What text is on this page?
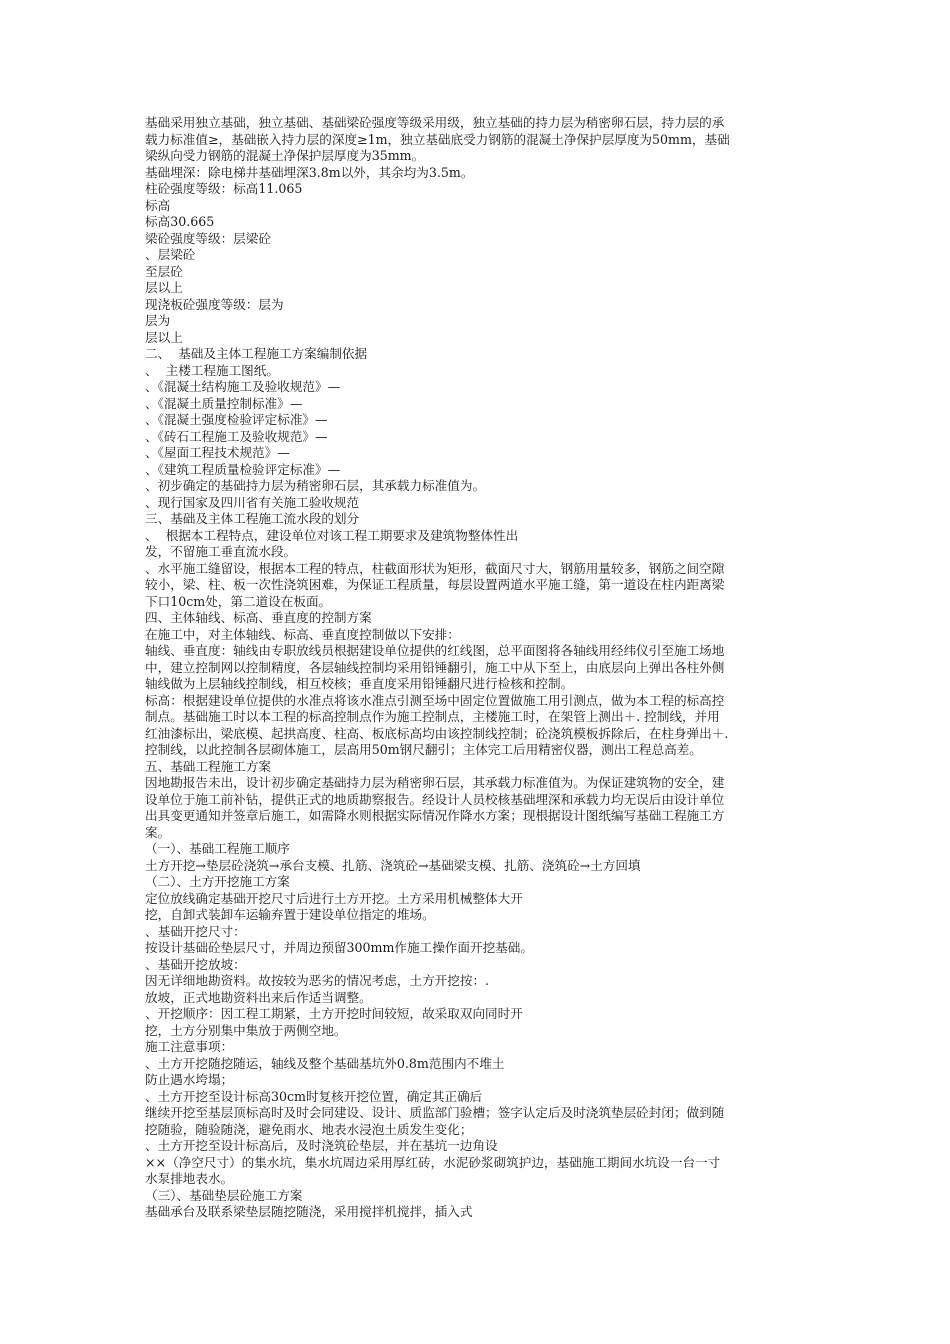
基础采用独立基础，独立基础、基础梁砼强度等级采用级，独立基础的持力层为稍密卵石层，持力层的承
载力标准值≥，基础嵌入持力层的深度≥1m，独立基础底受力钢筋的混凝土净保护层厚度为50mm，基础
梁纵向受力钢筋的混凝土净保护层厚度为35mm。
基础埋深：除电梯井基础埋深3.8m以外，其余均为3.5m。
柱砼强度等级：标高11.065
标高
标高30.665
梁砼强度等级：层梁砼
、层梁砼
至层砼
层以上
现浇板砼强度等级：层为
层为
层以上
二、  基础及主体工程施工方案编制依据
、  主楼工程施工图纸。
、《混凝土结构施工及验收规范》—
、《混凝土质量控制标准》—
、《混凝土强度检验评定标准》—
、《砖石工程施工及验收规范》—
、《屋面工程技术规范》—
、《建筑工程质量检验评定标准》—
、初步确定的基础持力层为稍密卵石层，其承载力标准值为。
、现行国家及四川省有关施工验收规范
三、基础及主体工程施工流水段的划分
、  根据本工程特点，建设单位对该工程工期要求及建筑物整体性出
发，不留施工垂直流水段。
、水平施工缝留设，根据本工程的特点，柱截面形状为矩形，截面尺寸大，钢筋用量较多，钢筋之间空隙
较小，梁、柱、板一次性浇筑困难，为保证工程质量，每层设置两道水平施工缝，第一道设在柱内距离梁
下口10cm处，第二道设在板面。
四、主体轴线、标高、垂直度的控制方案
在施工中，对主体轴线、标高、垂直度控制做以下安排：
轴线、垂直度：轴线由专职放线员根据建设单位提供的红线图，总平面图将各轴线用经纬仪引至施工场地
中，建立控制网以控制精度，各层轴线控制均采用铅锤翻引，施工中从下至上，由底层向上弹出各柱外侧
轴线做为上层轴线控制线，相互校核；垂直度采用铅锤翻尺进行检核和控制。
标高：根据建设单位提供的水准点将该水准点引测至场中固定位置做施工用引测点，做为本工程的标高控
制点。基础施工时以本工程的标高控制点作为施工控制点，主楼施工时，在架管上测出＋. 控制线，并用
红油漆标出，梁底模、起拱高度、柱高、板底标高均由该控制线控制；砼浇筑模板拆除后，在柱身弹出＋.
控制线，以此控制各层砌体施工，层高用50m钢尺翻引；主体完工后用精密仪器，测出工程总高差。
五、基础工程施工方案
因地勘报告未出，设计初步确定基础持力层为稍密卵石层，其承载力标准值为。为保证建筑物的安全，建
设单位于施工前补钻，提供正式的地质勘察报告。经设计人员校核基础埋深和承载力均无误后由设计单位
出具变更通知并签章后施工，如需降水则根据实际情况作降水方案；现根据设计图纸编写基础工程施工方
案。
（一）、基础工程施工顺序
土方开挖→垫层砼浇筑→承台支模、扎筋、浇筑砼→基础梁支模、扎筋、浇筑砼→土方回填
（二）、土方开挖施工方案
定位放线确定基础开挖尺寸后进行土方开挖。土方采用机械整体大开
挖，自卸式装卸车运输弃置于建设单位指定的堆场。
、基础开挖尺寸：
按设计基础砼垫层尺寸，并周边预留300mm作施工操作面开挖基础。
、基础开挖放坡：
因无详细地勘资料。故按较为恶劣的情况考虑，土方开挖按：.
放坡，正式地勘资料出来后作适当调整。
、开挖顺序：因工程工期紧，土方开挖时间较短，故采取双向同时开
挖，土方分别集中集放于两侧空地。
施工注意事项：
、土方开挖随挖随运，轴线及整个基础基坑外0.8m范围内不堆土
防止遇水垮塌；
、土方开挖至设计标高30cm时复核开挖位置，确定其正确后
继续开挖至基层顶标高时及时会同建设、设计、质监部门验槽；签字认定后及时浇筑垫层砼封闭；做到随
挖随验，随验随浇，避免雨水、地表水浸泡土质发生变化；
、土方开挖至设计标高后，及时浇筑砼垫层，并在基坑一边角设
××（净空尺寸）的集水坑，集水坑周边采用厚红砖，水泥砂浆砌筑护边，基础施工期间水坑设一台一寸
水泵排地表水。
（三）、基础垫层砼施工方案
基础承台及联系梁垫层随挖随浇，采用搅拌机搅拌，插入式
